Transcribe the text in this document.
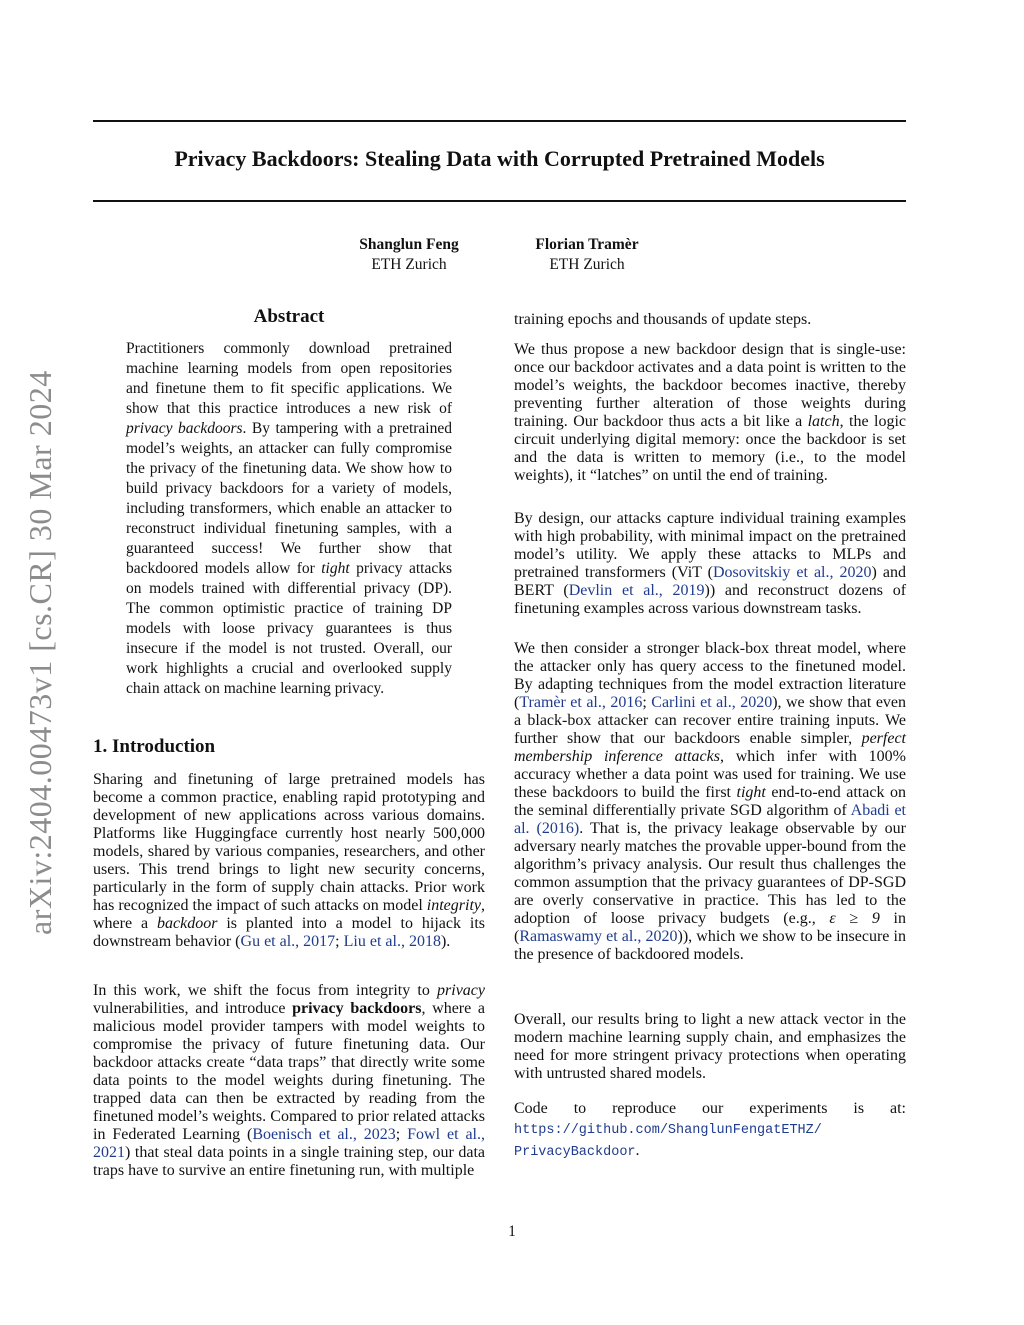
Privacy Backdoors: Stealing Data with Corrupted Pretrained Models
Shanglun Feng
ETH Zurich
Florian Tramèr
ETH Zurich
arXiv:2404.00473v1 [cs.CR] 30 Mar 2024
Abstract

Practitioners commonly download pretrained machine learning models from open repositories and finetune them to fit specific applications. We show that this practice introduces a new risk of privacy backdoors. By tampering with a pretrained model’s weights, an attacker can fully compromise the privacy of the finetuning data. We show how to build privacy backdoors for a variety of models, including transformers, which enable an attacker to reconstruct individual finetuning samples, with a guaranteed success! We further show that backdoored models allow for tight privacy attacks on models trained with differential privacy (DP). The common optimistic practice of training DP models with loose privacy guarantees is thus insecure if the model is not trusted. Overall, our work highlights a crucial and overlooked supply chain attack on machine learning privacy.

1. Introduction

Sharing and finetuning of large pretrained models has become a common practice, enabling rapid prototyping and development of new applications across various domains. Platforms like Huggingface currently host nearly 500,000 models, shared by various companies, researchers, and other users. This trend brings to light new security concerns, particularly in the form of supply chain attacks. Prior work has recognized the impact of such attacks on model integrity, where a backdoor is planted into a model to hijack its downstream behavior (Gu et al., 2017; Liu et al., 2018).

In this work, we shift the focus from integrity to privacy vulnerabilities, and introduce privacy backdoors, where a malicious model provider tampers with model weights to compromise the privacy of future finetuning data. Our backdoor attacks create “data traps” that directly write some data points to the model weights during finetuning. The trapped data can then be extracted by reading from the finetuned model’s weights. Compared to prior related attacks in Federated Learning (Boenisch et al., 2023; Fowl et al., 2021) that steal data points in a single training step, our data traps have to survive an entire finetuning run, with multiple

training epochs and thousands of update steps.

We thus propose a new backdoor design that is single-use: once our backdoor activates and a data point is written to the model’s weights, the backdoor becomes inactive, thereby preventing further alteration of those weights during training. Our backdoor thus acts a bit like a latch, the logic circuit underlying digital memory: once the backdoor is set and the data is written to memory (i.e., to the model weights), it “latches” on until the end of training.

By design, our attacks capture individual training examples with high probability, with minimal impact on the pretrained model’s utility. We apply these attacks to MLPs and pretrained transformers (ViT (Dosovitskiy et al., 2020) and BERT (Devlin et al., 2019)) and reconstruct dozens of finetuning examples across various downstream tasks.

We then consider a stronger black-box threat model, where the attacker only has query access to the finetuned model. By adapting techniques from the model extraction literature (Tramèr et al., 2016; Carlini et al., 2020), we show that even a black-box attacker can recover entire training inputs. We further show that our backdoors enable simpler, perfect membership inference attacks, which infer with 100% accuracy whether a data point was used for training. We use these backdoors to build the first tight end-to-end attack on the seminal differentially private SGD algorithm of Abadi et al. (2016). That is, the privacy leakage observable by our adversary nearly matches the provable upper-bound from the algorithm’s privacy analysis. Our result thus challenges the common assumption that the privacy guarantees of DP-SGD are overly conservative in practice. This has led to the adoption of loose privacy budgets (e.g., ε ≥ 9 in (Ramaswamy et al., 2020)), which we show to be insecure in the presence of backdoored models.

Overall, our results bring to light a new attack vector in the modern machine learning supply chain, and emphasizes the need for more stringent privacy protections when operating with untrusted shared models.

Code to reproduce our experiments is at:

https://github.com/ShanglunFengatETHZ/
PrivacyBackdoor.
1
